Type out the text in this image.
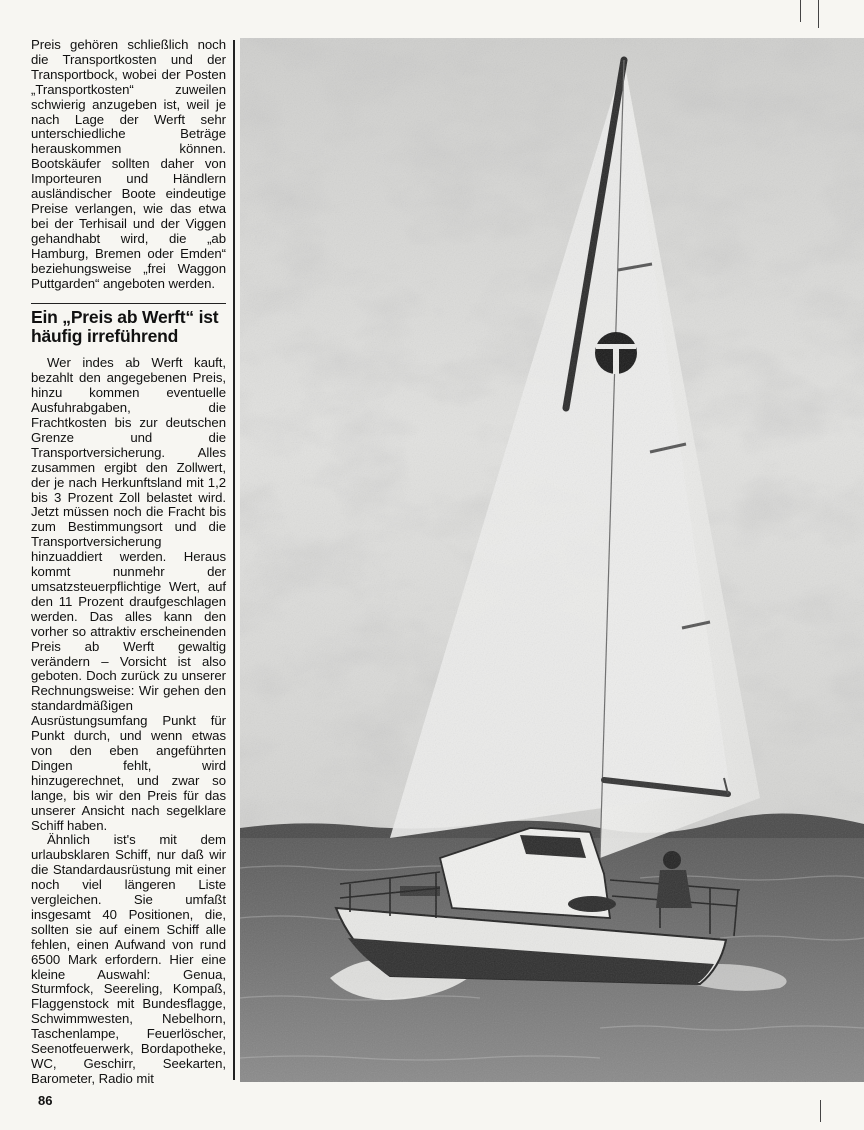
Preis gehören schließlich noch die Transportkosten und der Transportbock, wobei der Posten „Transportkosten“ zuweilen schwierig anzugeben ist, weil je nach Lage der Werft sehr unterschiedliche Beträge herauskommen können. Bootskäufer sollten daher von Importeuren und Händlern ausländischer Boote eindeutige Preise verlangen, wie das etwa bei der Terhisail und der Viggen gehandhabt wird, die „ab Hamburg, Bremen oder Emden“ beziehungsweise „frei Waggon Puttgarden“ angeboten werden.

Ein „Preis ab Werft“ ist häufig irreführend

Wer indes ab Werft kauft, bezahlt den angegebenen Preis, hinzu kommen eventuelle Ausfuhrabgaben, die Frachtkosten bis zur deutschen Grenze und die Transportversicherung. Alles zusammen ergibt den Zollwert, der je nach Herkunftsland mit 1,2 bis 3 Prozent Zoll belastet wird. Jetzt müssen noch die Fracht bis zum Bestimmungsort und die Transportversicherung hinzuaddiert werden. Heraus kommt nunmehr der umsatzsteuerpflichtige Wert, auf den 11 Prozent draufgeschlagen werden. Das alles kann den vorher so attraktiv erscheinenden Preis ab Werft gewaltig verändern – Vorsicht ist also geboten. Doch zurück zu unserer Rechnungsweise: Wir gehen den standardmäßigen Ausrüstungsumfang Punkt für Punkt durch, und wenn etwas von den eben angeführten Dingen fehlt, wird hinzugerechnet, und zwar so lange, bis wir den Preis für das unserer Ansicht nach segelklare Schiff haben.

Ähnlich ist's mit dem urlaubsklaren Schiff, nur daß wir die Standardausrüstung mit einer noch viel längeren Liste vergleichen. Sie umfaßt insgesamt 40 Positionen, die, sollten sie auf einem Schiff alle fehlen, einen Aufwand von rund 6500 Mark erfordern. Hier eine kleine Auswahl: Genua, Sturmfock, Seereling, Kompaß, Flaggenstock mit Bundesflagge, Schwimmwesten, Nebelhorn, Taschenlampe, Feuerlöscher, Seenotfeuerwerk, Bordapotheke, WC, Geschirr, Seekarten, Barometer, Radio mit

86
